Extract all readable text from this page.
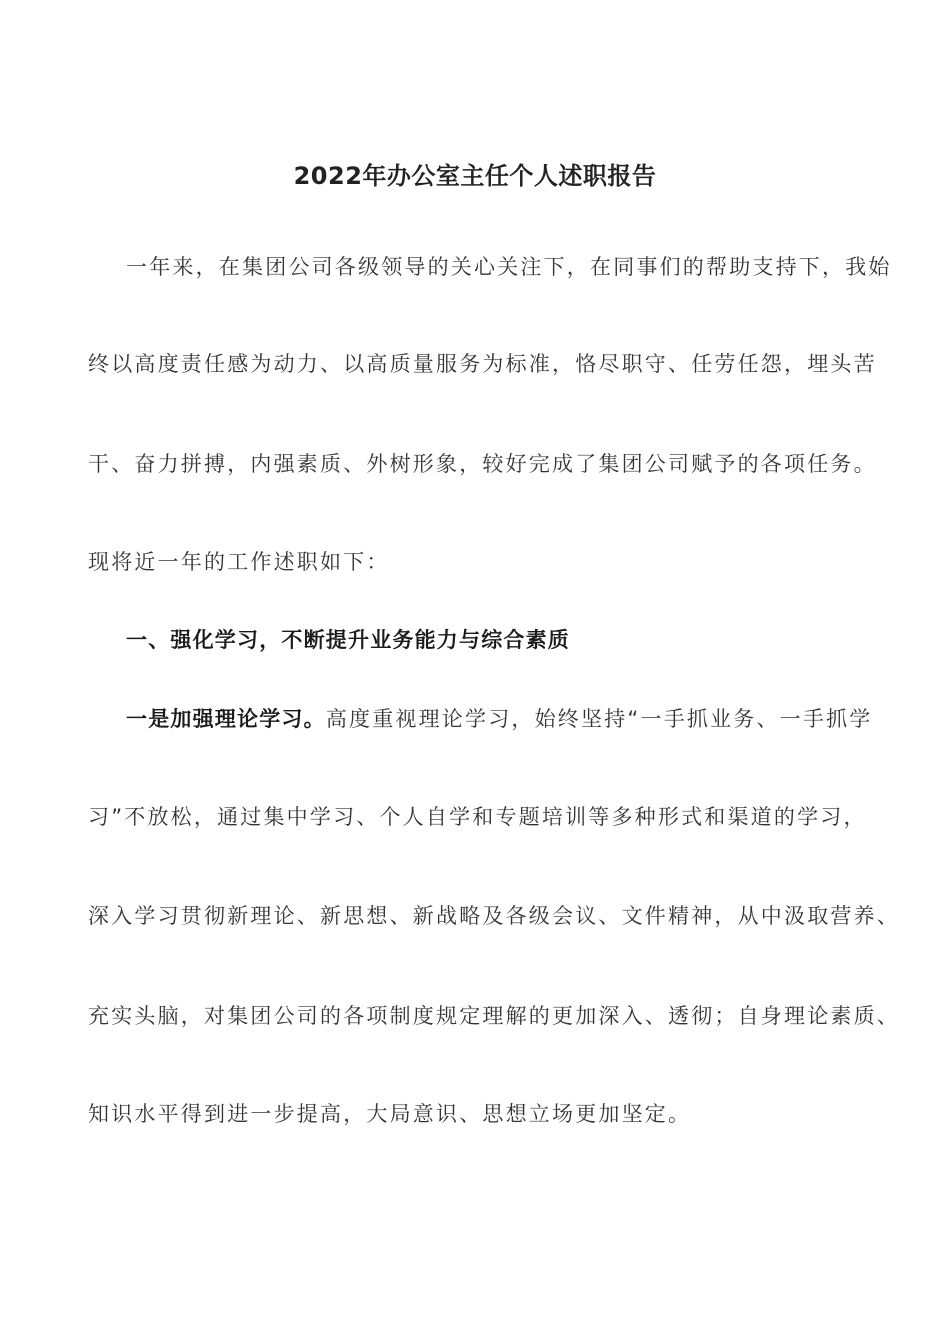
2022年办公室主任个人述职报告
一年来，在集团公司各级领导的关心关注下，在同事们的帮助支持下，我始
终以高度责任感为动力、以高质量服务为标准，恪尽职守、任劳任怨，埋头苦
干、奋力拼搏，内强素质、外树形象，较好完成了集团公司赋予的各项任务。
现将近一年的工作述职如下：
一、强化学习，不断提升业务能力与综合素质
一是加强理论学习。高度重视理论学习，始终坚持“一手抓业务、一手抓学
习”不放松，通过集中学习、个人自学和专题培训等多种形式和渠道的学习，
深入学习贯彻新理论、新思想、新战略及各级会议、文件精神，从中汲取营养、
充实头脑，对集团公司的各项制度规定理解的更加深入、透彻；自身理论素质、
知识水平得到进一步提高，大局意识、思想立场更加坚定。
